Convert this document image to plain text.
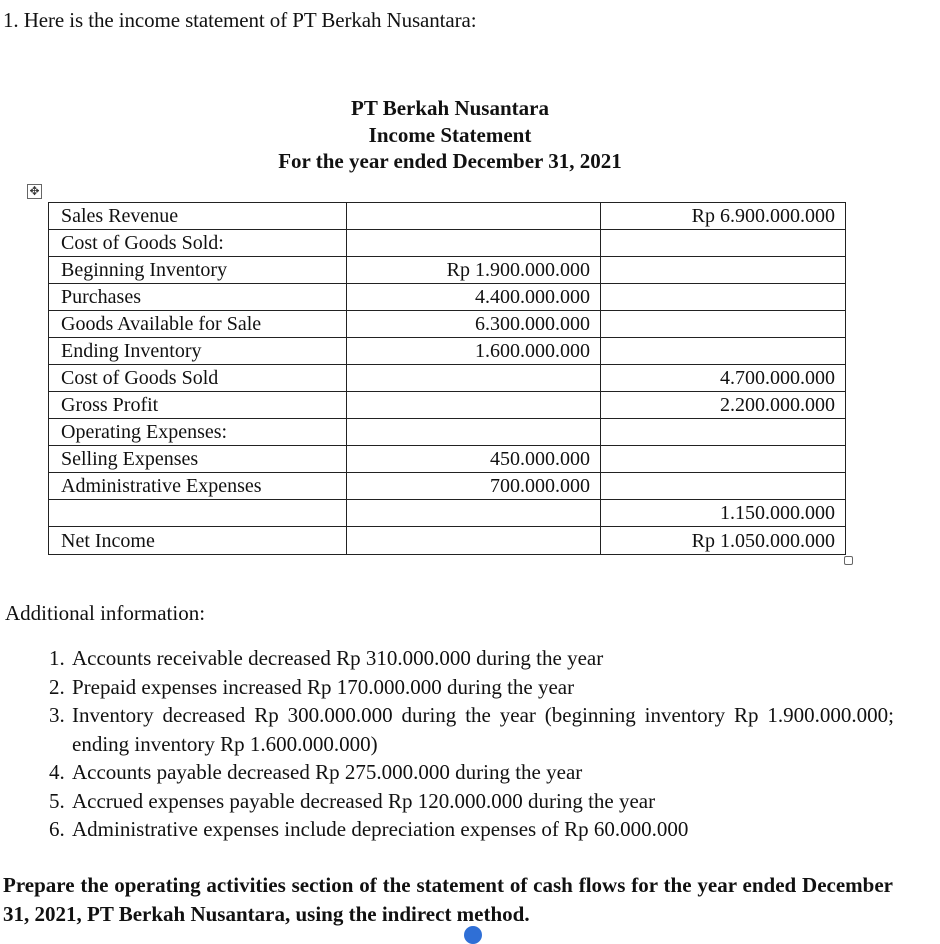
1. Here is the income statement of PT Berkah Nusantara:
PT Berkah Nusantara
Income Statement
For the year ended December 31, 2021
✥
Sales Revenue		Rp 6.900.000.000
Cost of Goods Sold:		
Beginning Inventory	Rp 1.900.000.000	
Purchases	4.400.000.000	
Goods Available for Sale	6.300.000.000	
Ending Inventory	1.600.000.000	
Cost of Goods Sold		4.700.000.000
Gross Profit		2.200.000.000
Operating Expenses:		
Selling Expenses	450.000.000	
Administrative Expenses	700.000.000	
		1.150.000.000
Net Income		Rp 1.050.000.000
Additional information:
1. Accounts receivable decreased Rp 310.000.000 during the year
2. Prepaid expenses increased Rp 170.000.000 during the year
3. Inventory decreased Rp 300.000.000 during the year (beginning inventory Rp 1.900.000.000; ending inventory Rp 1.600.000.000)
4. Accounts payable decreased Rp 275.000.000 during the year
5. Accrued expenses payable decreased Rp 120.000.000 during the year
6. Administrative expenses include depreciation expenses of Rp 60.000.000
Prepare the operating activities section of the statement of cash flows for the year ended December 31, 2021, PT Berkah Nusantara, using the indirect method.
